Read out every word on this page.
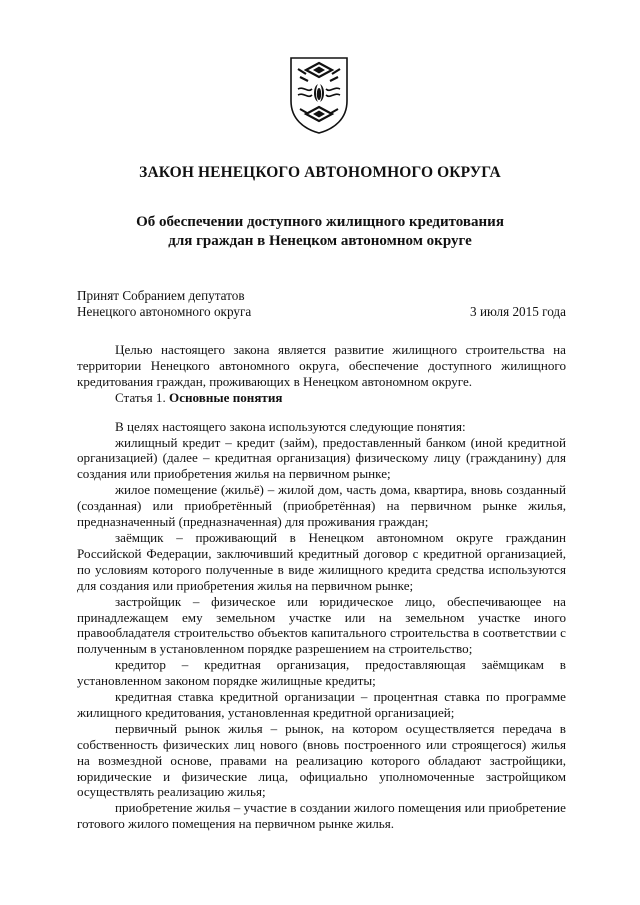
ЗАКОН НЕНЕЦКОГО АВТОНОМНОГО ОКРУГА
Об обеспечении доступного жилищного кредитования
для граждан в Ненецком автономном округе
Принят Собранием депутатов
Ненецкого автономного округа	3 июля 2015 года

Целью настоящего закона является развитие жилищного строительства на территории Ненецкого автономного округа, обеспечение доступного жилищного кредитования граждан, проживающих в Ненецком автономном округе.

Статья 1. Основные понятия

В целях настоящего закона используются следующие понятия:

жилищный кредит – кредит (займ), предоставленный банком (иной кредитной организацией) (далее – кредитная организация) физическому лицу (гражданину) для создания или приобретения жилья на первичном рынке;

жилое помещение (жильё) – жилой дом, часть дома, квартира, вновь созданный (созданная) или приобретённый (приобретённая) на первичном рынке жилья, предназначенный (предназначенная) для проживания граждан;

заёмщик – проживающий в Ненецком автономном округе гражданин Российской Федерации, заключивший кредитный договор с кредитной организацией, по условиям которого полученные в виде жилищного кредита средства используются для создания или приобретения жилья на первичном рынке;

застройщик – физическое или юридическое лицо, обеспечивающее на принадлежащем ему земельном участке или на земельном участке иного правообладателя строительство объектов капитального строительства в соответствии с полученным в установленном порядке разрешением на строительство;

кредитор – кредитная организация, предоставляющая заёмщикам в установленном законом порядке жилищные кредиты;

кредитная ставка кредитной организации – процентная ставка по программе жилищного кредитования, установленная кредитной организацией;

первичный рынок жилья – рынок, на котором осуществляется передача в собственность физических лиц нового (вновь построенного или строящегося) жилья на возмездной основе, правами на реализацию которого обладают застройщики, юридические и физические лица, официально уполномоченные застройщиком осуществлять реализацию жилья;

приобретение жилья – участие в создании жилого помещения или приобретение готового жилого помещения на первичном рынке жилья.
